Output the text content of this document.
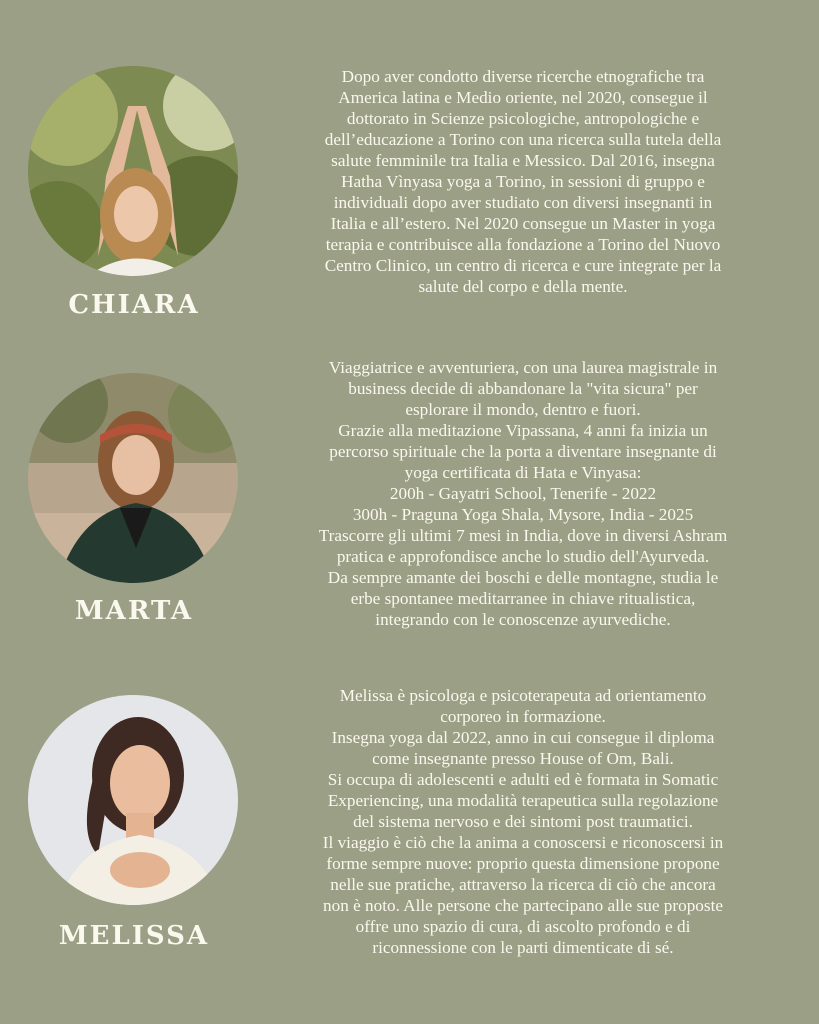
CHIARA
Dopo aver condotto diverse ricerche etnografiche tra
America latina e Medio oriente, nel 2020, consegue il
dottorato in Scienze psicologiche, antropologiche e
dell’educazione a Torino con una ricerca sulla tutela della
salute femminile tra Italia e Messico. Dal 2016, insegna
Hatha Vìnyasa yoga a Torino, in sessioni di gruppo e
individuali dopo aver studiato con diversi insegnanti in
Italia e all’estero. Nel 2020 consegue un Master in yoga
terapia e contribuisce alla fondazione a Torino del Nuovo
Centro Clinico, un centro di ricerca e cure integrate per la
salute del corpo e della mente.
MARTA
Viaggiatrice e avventuriera, con una laurea magistrale in
business decide di abbandonare la "vita sicura" per
esplorare il mondo, dentro e fuori.
Grazie alla meditazione Vipassana, 4 anni fa inizia un
percorso spirituale che la porta a diventare insegnante di
yoga certificata di Hata e Vinyasa:
200h - Gayatri School, Tenerife - 2022
300h - Praguna Yoga Shala, Mysore, India - 2025
Trascorre gli ultimi 7 mesi in India, dove in diversi Ashram
pratica e approfondisce anche lo studio dell'Ayurveda.
Da sempre amante dei boschi e delle montagne, studia le
erbe spontanee meditarranee in chiave ritualistica,
integrando con le conoscenze ayurvediche.
MELISSA
Melissa è psicologa e psicoterapeuta ad orientamento
corporeo in formazione.
Insegna yoga dal 2022, anno in cui consegue il diploma
come insegnante presso House of Om, Bali.
Si occupa di adolescenti e adulti ed è formata in Somatic
Experiencing, una modalità terapeutica sulla regolazione
del sistema nervoso e dei sintomi post traumatici.
Il viaggio è ciò che la anima a conoscersi e riconoscersi in
forme sempre nuove: proprio questa dimensione propone
nelle sue pratiche, attraverso la ricerca di ciò che ancora
non è noto. Alle persone che partecipano alle sue proposte
offre uno spazio di cura, di ascolto profondo e di
riconnessione con le parti dimenticate di sé.
